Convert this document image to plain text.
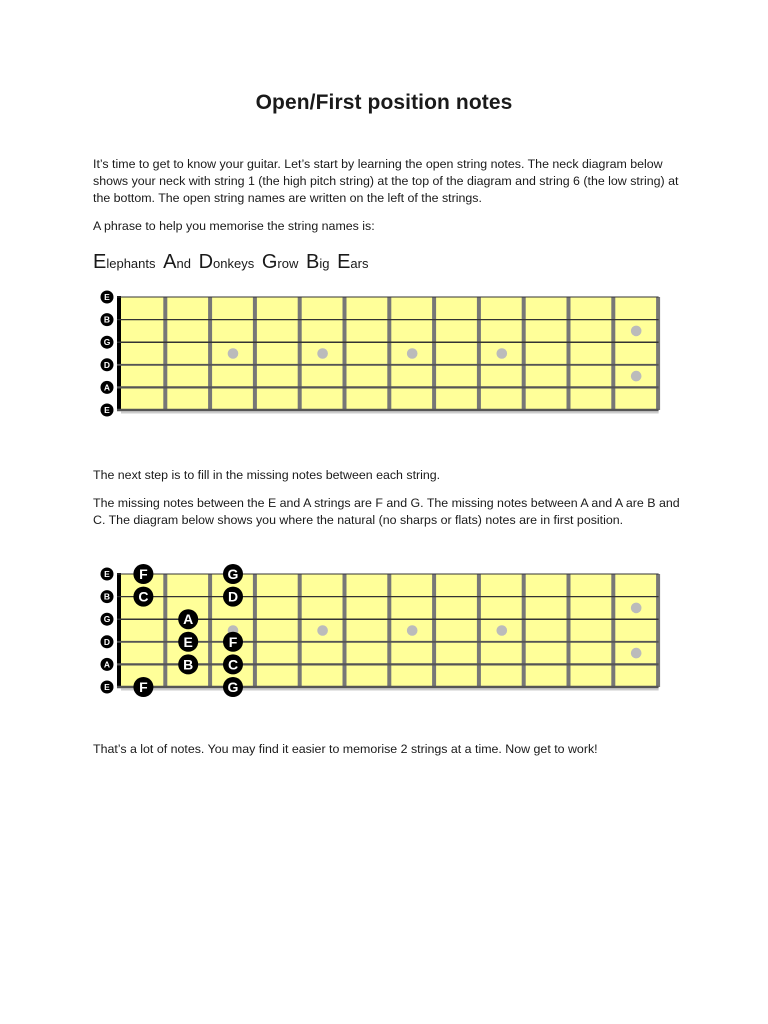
Open/First position notes

It’s time to get to know your guitar. Let’s start by learning the open string notes. The neck diagram below shows your neck with string 1 (the high pitch string) at the top of the diagram and string 6 (the low string) at the bottom. The open string names are written on the left of the strings.

A phrase to help you memorise the string names is:

Elephants And Donkeys Grow Big Ears

E
B
G
D
A
E

The next step is to fill in the missing notes between each string.

The missing notes between the E and A strings are F and G. The missing notes between A and A are B and C. The diagram below shows you where the natural (no sharps or flats) notes are in first position.

E
B
G
D
A
E
F	G
C	D
A
E	F
B C
F	G

That’s a lot of notes. You may find it easier to memorise 2 strings at a time. Now get to work!
